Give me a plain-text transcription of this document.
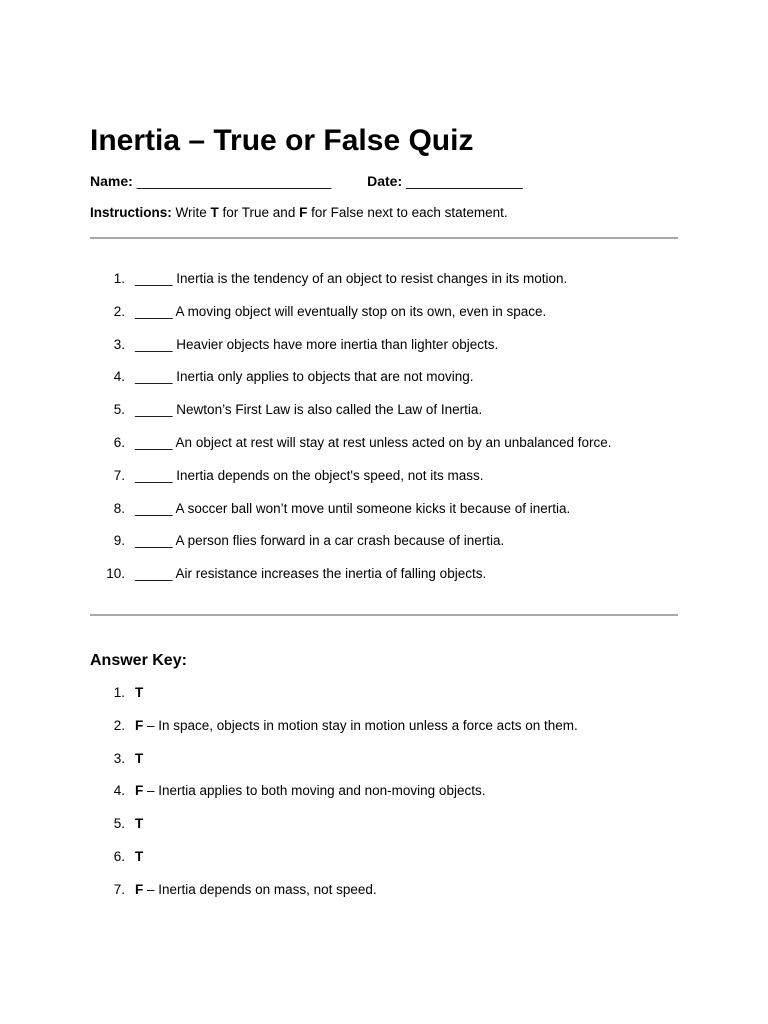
Inertia – True or False Quiz
Name: _________________________	Date: _______________
Instructions: Write T for True and F for False next to each statement.
1. _____ Inertia is the tendency of an object to resist changes in its motion.
2. _____ A moving object will eventually stop on its own, even in space.
3. _____ Heavier objects have more inertia than lighter objects.
4. _____ Inertia only applies to objects that are not moving.
5. _____ Newton’s First Law is also called the Law of Inertia.
6. _____ An object at rest will stay at rest unless acted on by an unbalanced force.
7. _____ Inertia depends on the object's speed, not its mass.
8. _____ A soccer ball won’t move until someone kicks it because of inertia.
9. _____ A person flies forward in a car crash because of inertia.
10. _____ Air resistance increases the inertia of falling objects.
Answer Key:
1. T
2. F – In space, objects in motion stay in motion unless a force acts on them.
3. T
4. F – Inertia applies to both moving and non-moving objects.
5. T
6. T
7. F – Inertia depends on mass, not speed.
